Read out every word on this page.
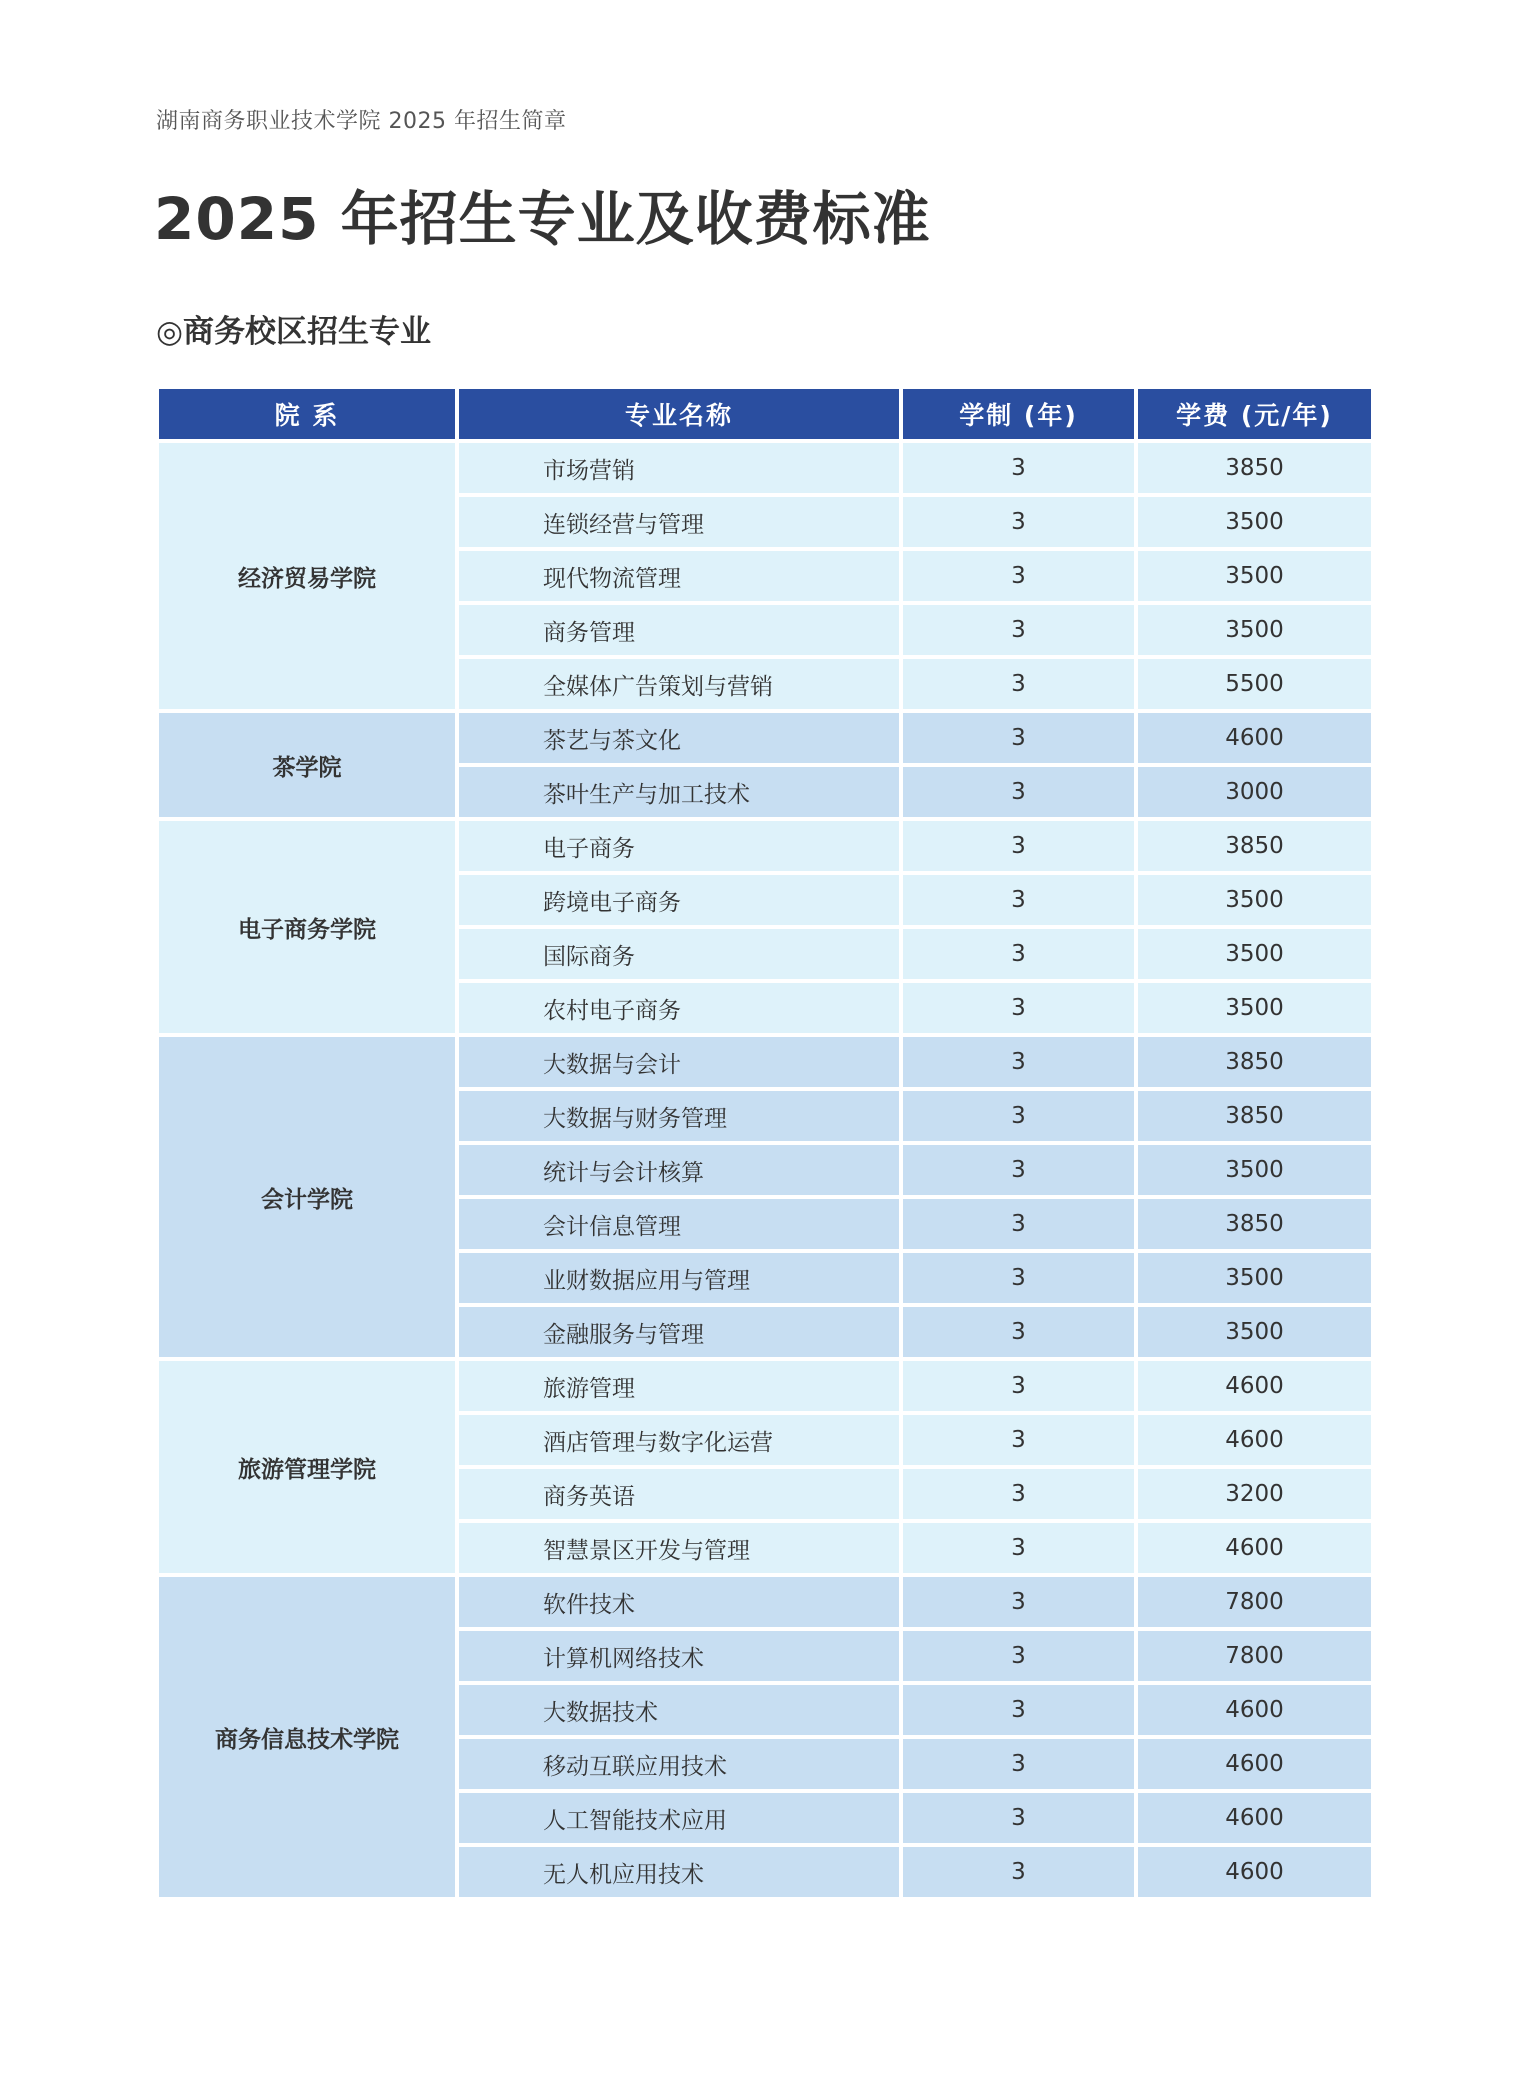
湖南商务职业技术学院 2025 年招生简章
2025 年招生专业及收费标准
◎商务校区招生专业
院 系	专业名称	学制 (年)	学费 (元/年)
经济贸易学院	市场营销	3	3850
	连锁经营与管理	3	3500
	现代物流管理	3	3500
	商务管理	3	3500
	全媒体广告策划与营销	3	5500
茶学院	茶艺与茶文化	3	4600
	茶叶生产与加工技术	3	3000
电子商务学院	电子商务	3	3850
	跨境电子商务	3	3500
	国际商务	3	3500
	农村电子商务	3	3500
会计学院	大数据与会计	3	3850
	大数据与财务管理	3	3850
	统计与会计核算	3	3500
	会计信息管理	3	3850
	业财数据应用与管理	3	3500
	金融服务与管理	3	3500
旅游管理学院	旅游管理	3	4600
	酒店管理与数字化运营	3	4600
	商务英语	3	3200
	智慧景区开发与管理	3	4600
商务信息技术学院	软件技术	3	7800
	计算机网络技术	3	7800
	大数据技术	3	4600
	移动互联应用技术	3	4600
	人工智能技术应用	3	4600
	无人机应用技术	3	4600
